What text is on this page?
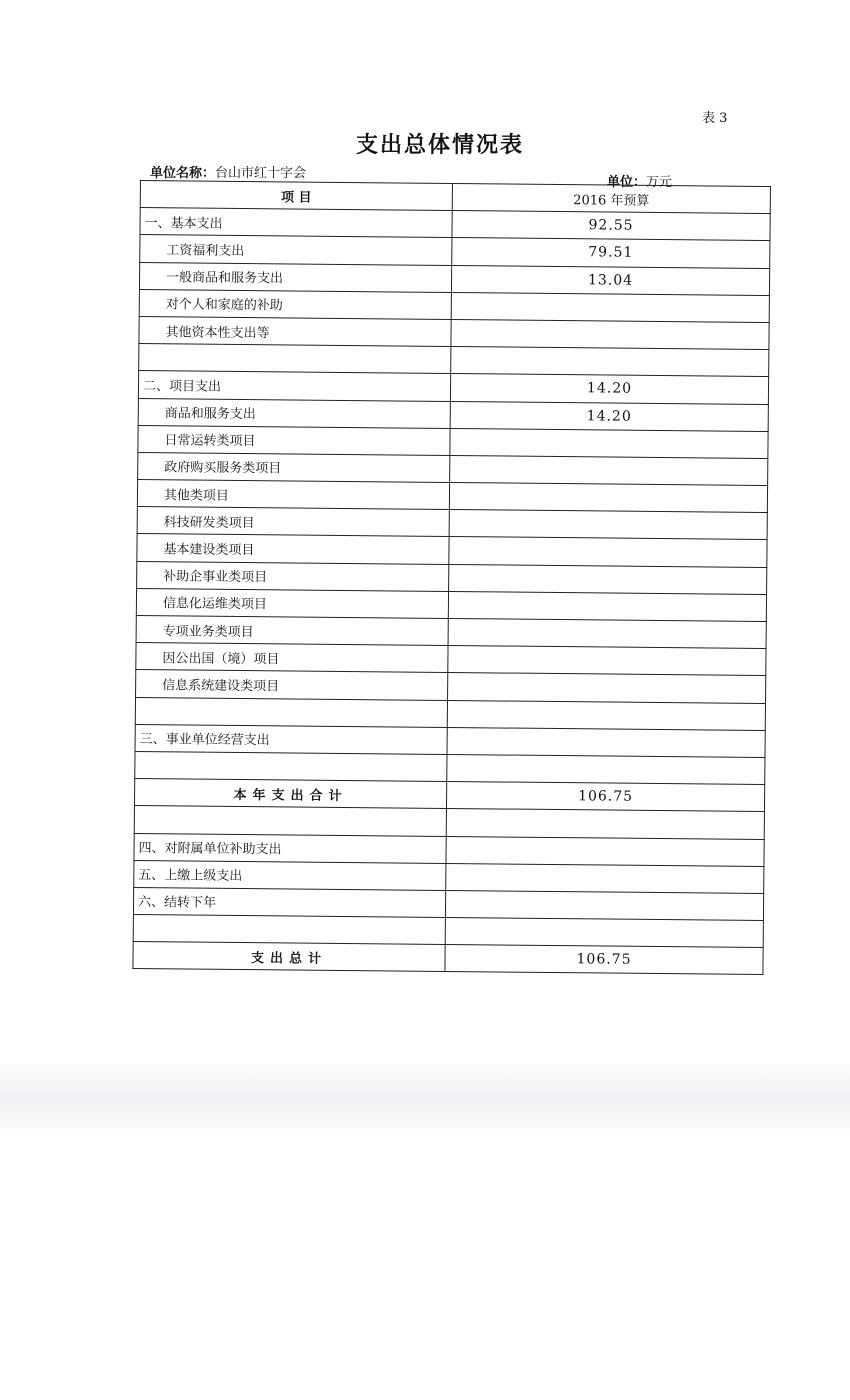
表 3
支出总体情况表
单位名称：台山市红十字会
单位：万元
项 目	2016 年预算
一、基本支出	92.55
工资福利支出	79.51
一般商品和服务支出	13.04
对个人和家庭的补助	
其他资本性支出等	

二、项目支出	14.20
商品和服务支出	14.20
日常运转类项目	
政府购买服务类项目	
其他类项目	
科技研发类项目	
基本建设类项目	
补助企事业类项目	
信息化运维类项目	
专项业务类项目	
因公出国（境）项目	
信息系统建设类项目	

三、事业单位经营支出	

本年支出合计	106.75

四、对附属单位补助支出	
五、上缴上级支出	
六、结转下年	

支出总计	106.75
